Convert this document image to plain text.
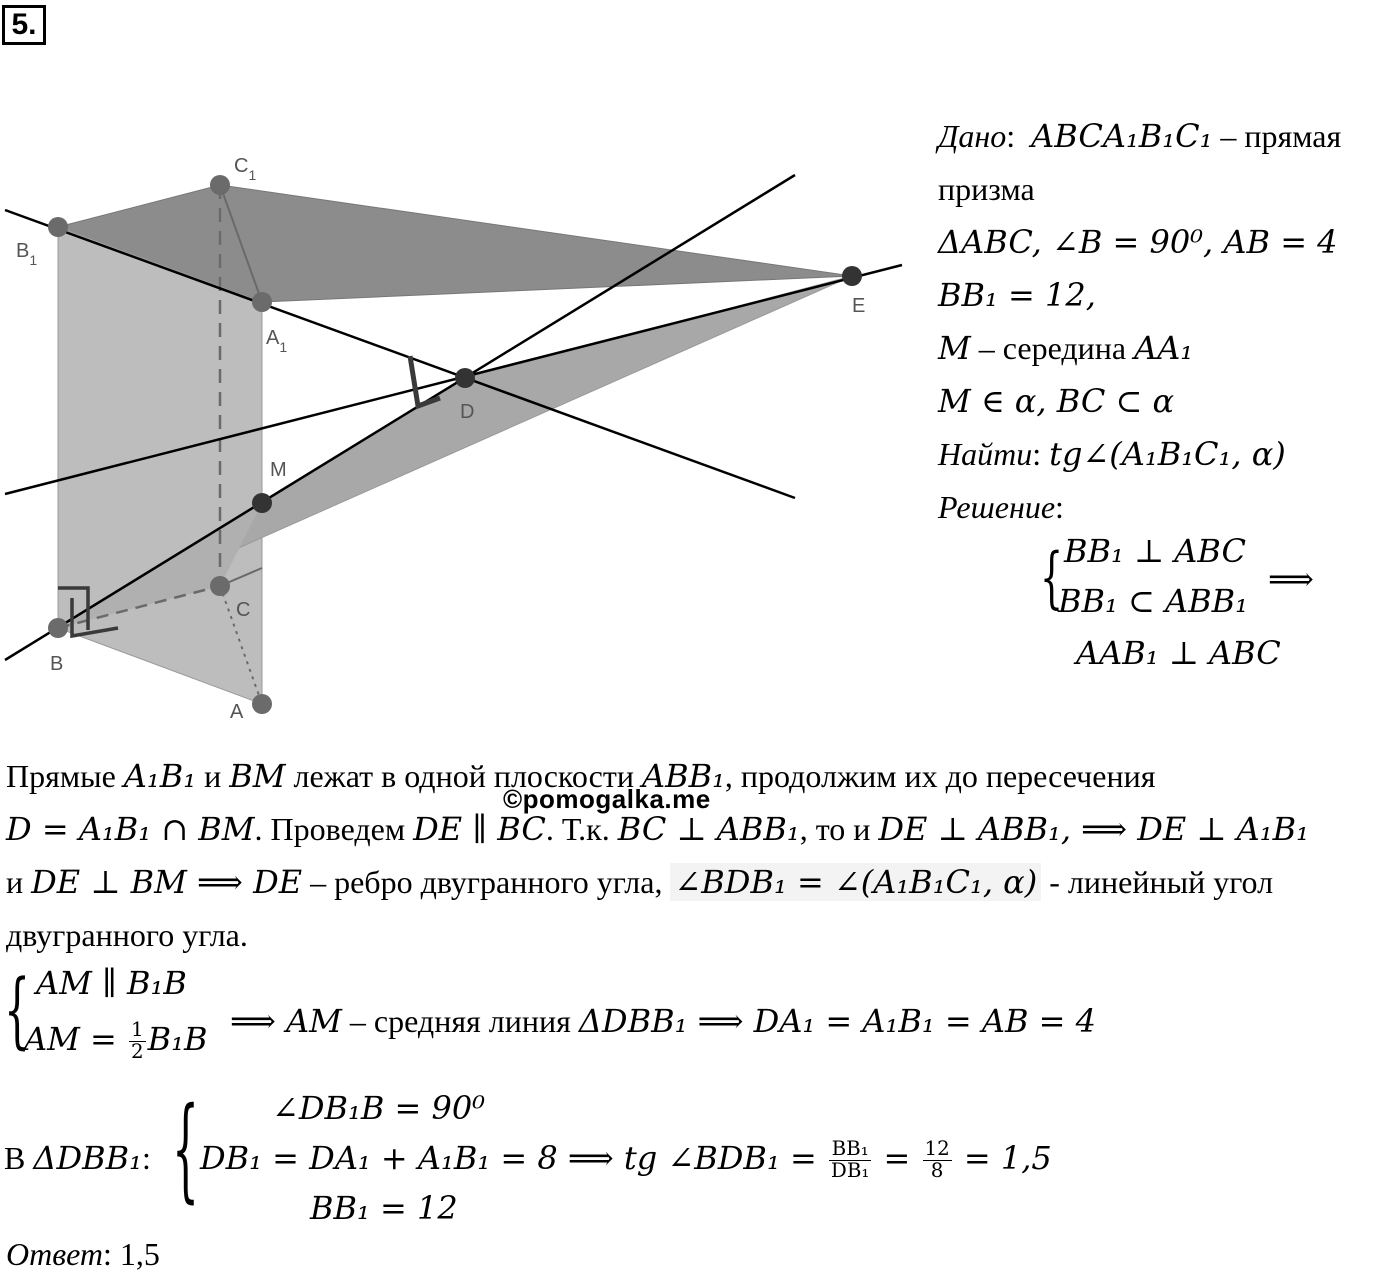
5.
$B_1$
$C_1$
$A_1$
E
D
M
C
B
A
Дано:  ABCA₁B₁C₁ – прямая
призма
ΔABC, ∠B = 90⁰, AB = 4
BB₁ = 12,
M – середина AA₁
M ∈ α, BC ⊂ α
Найти: tg∠(A₁B₁C₁, α)
Решение:
{ BB₁ ⊥ ABC
BB₁ ⊂ ABB₁
⟹
AAB₁ ⊥ ABC
Прямые A₁B₁ и BM лежат в одной плоскости ABB₁, продолжим их до пересечения
D = A₁B₁ ∩ BM. Проведем DE ∥ BC. Т.к. BC ⊥ ABB₁, то и DE ⊥ ABB₁, ⟹ DE ⊥ A₁B₁
и DE ⊥ BM ⟹ DE – ребро двугранного угла, ∠BDB₁ = ∠(A₁B₁C₁, α) - линейный угол
двугранного угла.
©pomogalka.me
{ AM ∥ B₁B
AM = $\frac{1}{2} B_1B$ ⟹ AM – средняя линия ΔDBB₁ ⟹ DA₁ = A₁B₁ = AB = 4
В ΔDBB₁: { ∠DB₁B = 90⁰
DB₁ = DA₁ + A₁B₁ = 8 ⟹ tg ∠BDB₁ = $\frac{\text{BB₁}}{\text{DB₁}} = \frac{12}{8} = 1,5$
BB₁ = 12
Ответ: 1,5
